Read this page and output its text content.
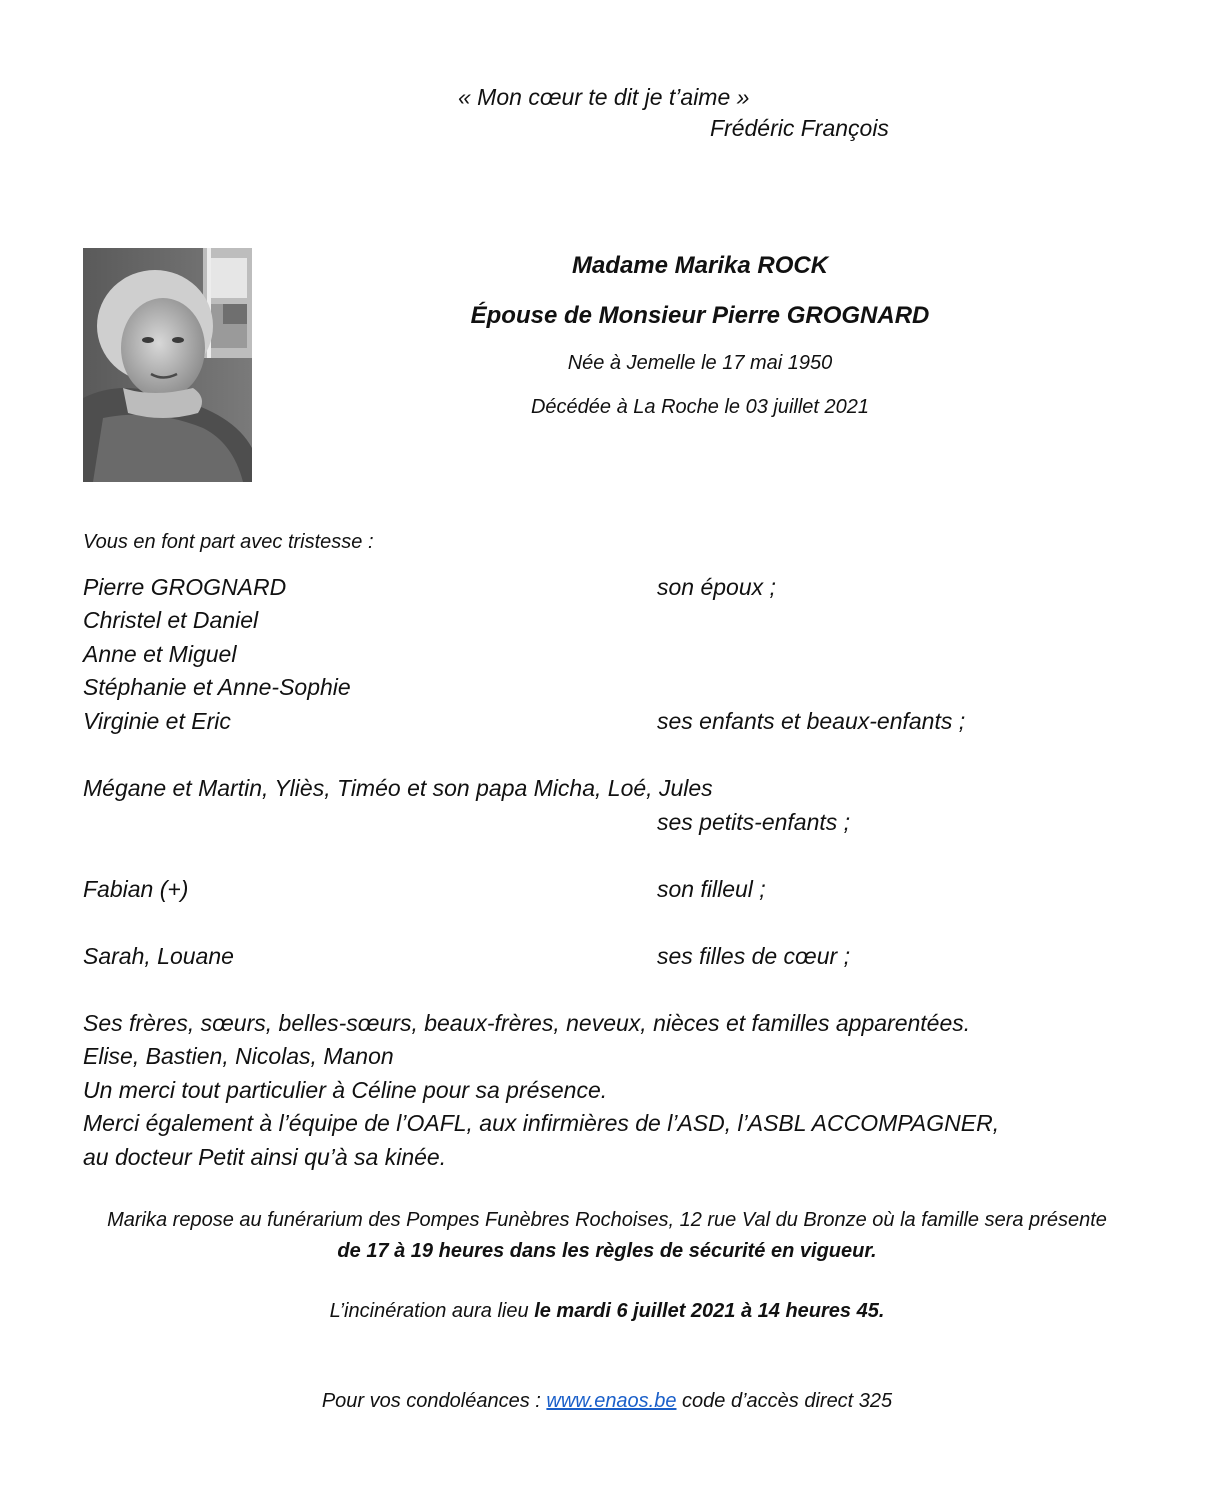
« Mon cœur te dit je t’aime »
Frédéric François
Madame Marika ROCK
Épouse de Monsieur Pierre GROGNARD
Née à Jemelle le 17 mai 1950
Décédée à La Roche le 03 juillet 2021
Vous en font part avec tristesse :
Pierre GROGNARD	son époux ;
Christel et Daniel
Anne et Miguel
Stéphanie et Anne-Sophie
Virginie et Eric	ses enfants et beaux-enfants ;
Mégane et Martin, Yliès, Timéo et son papa Micha, Loé, Jules
ses petits-enfants ;
Fabian (+)	son filleul ;
Sarah, Louane	ses filles de cœur ;
Ses frères, sœurs, belles-sœurs, beaux-frères, neveux, nièces et familles apparentées.
Elise, Bastien, Nicolas, Manon
Un merci tout particulier à Céline pour sa présence.
Merci également à l’équipe de l’OAFL, aux infirmières de l’ASD, l’ASBL ACCOMPAGNER,
au docteur Petit ainsi qu’à sa kinée.
Marika repose au funérarium des Pompes Funèbres Rochoises, 12 rue Val du Bronze où la famille sera présente
de 17 à 19 heures dans les règles de sécurité en vigueur.
L’incinération aura lieu le mardi 6 juillet 2021 à 14 heures 45.
Pour vos condoléances : www.enaos.be code d’accès direct 325
